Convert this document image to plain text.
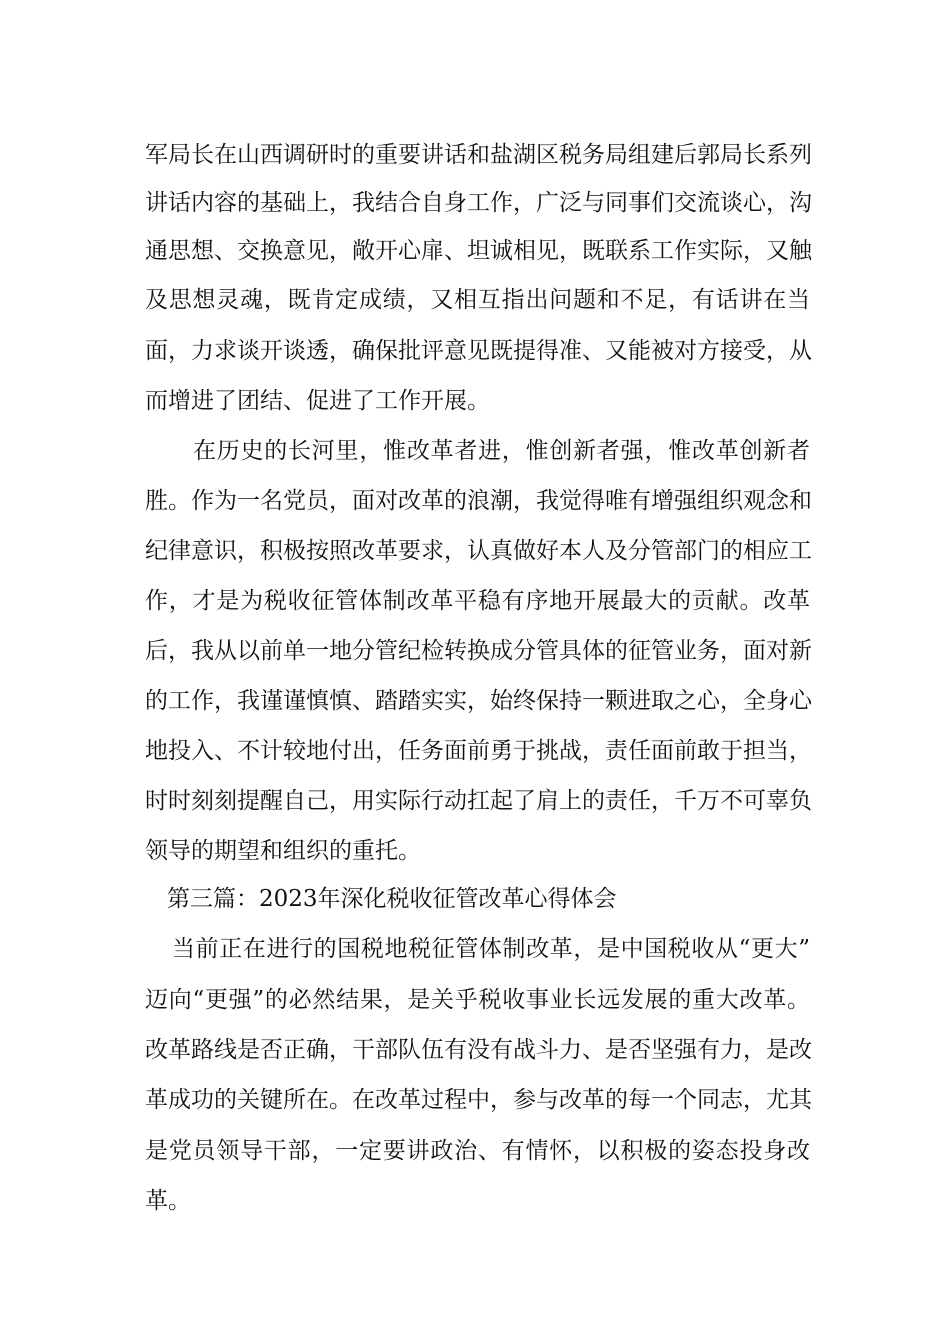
军局长在山西调研时的重要讲话和盐湖区税务局组建后郭局长系列
讲话内容的基础上，我结合自身工作，广泛与同事们交流谈心，沟
通思想、交换意见，敞开心扉、坦诚相见，既联系工作实际，又触
及思想灵魂，既肯定成绩，又相互指出问题和不足，有话讲在当
面，力求谈开谈透，确保批评意见既提得准、又能被对方接受，从
而增进了团结、促进了工作开展。
在历史的长河里，惟改革者进，惟创新者强，惟改革创新者
胜。作为一名党员，面对改革的浪潮，我觉得唯有增强组织观念和
纪律意识，积极按照改革要求，认真做好本人及分管部门的相应工
作，才是为税收征管体制改革平稳有序地开展最大的贡献。改革
后，我从以前单一地分管纪检转换成分管具体的征管业务，面对新
的工作，我谨谨慎慎、踏踏实实，始终保持一颗进取之心，全身心
地投入、不计较地付出，任务面前勇于挑战，责任面前敢于担当，
时时刻刻提醒自己，用实际行动扛起了肩上的责任，千万不可辜负
领导的期望和组织的重托。
第三篇：2023年深化税收征管改革心得体会
当前正在进行的国税地税征管体制改革，是中国税收从“更大”
迈向“更强”的必然结果，是关乎税收事业长远发展的重大改革。
改革路线是否正确，干部队伍有没有战斗力、是否坚强有力，是改
革成功的关键所在。在改革过程中，参与改革的每一个同志，尤其
是党员领导干部，一定要讲政治、有情怀，以积极的姿态投身改
革。
